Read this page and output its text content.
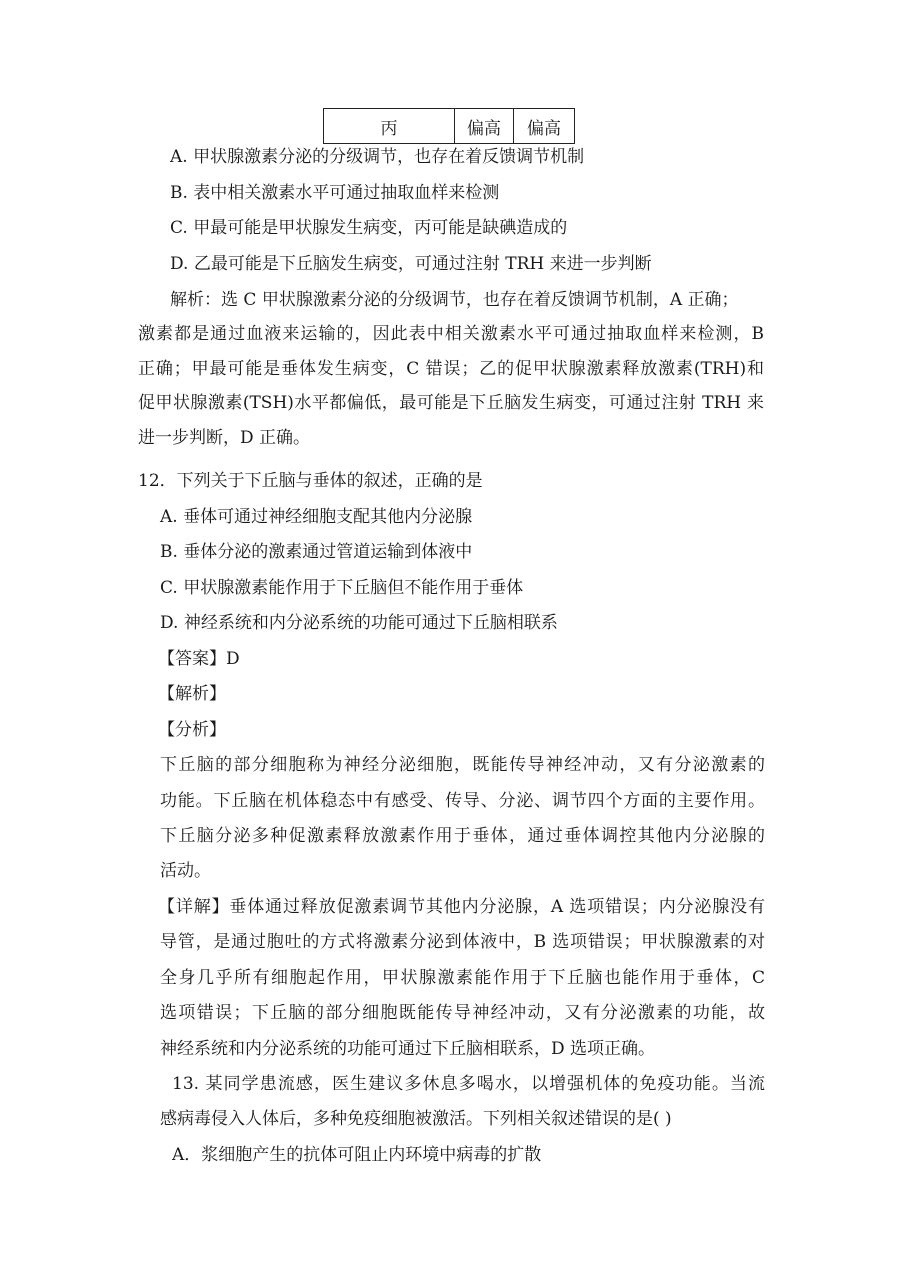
丙	偏高	偏高
A. 甲状腺激素分泌的分级调节，也存在着反馈调节机制
B. 表中相关激素水平可通过抽取血样来检测
C. 甲最可能是甲状腺发生病变，丙可能是缺碘造成的
D. 乙最可能是下丘脑发生病变，可通过注射 TRH 来进一步判断
解析：选 C 甲状腺激素分泌的分级调节，也存在着反馈调节机制，A 正确；
激素都是通过血液来运输的，因此表中相关激素水平可通过抽取血样来检测，B
正确；甲最可能是垂体发生病变，C 错误；乙的促甲状腺激素释放激素(TRH)和
促甲状腺激素(TSH)水平都偏低，最可能是下丘脑发生病变，可通过注射 TRH 来
进一步判断，D 正确。
12．下列关于下丘脑与垂体的叙述，正确的是
A. 垂体可通过神经细胞支配其他内分泌腺
B. 垂体分泌的激素通过管道运输到体液中
C. 甲状腺激素能作用于下丘脑但不能作用于垂体
D. 神经系统和内分泌系统的功能可通过下丘脑相联系
【答案】D
【解析】
【分析】
下丘脑的部分细胞称为神经分泌细胞，既能传导神经冲动，又有分泌激素的
功能。下丘脑在机体稳态中有感受、传导、分泌、调节四个方面的主要作用。
下丘脑分泌多种促激素释放激素作用于垂体，通过垂体调控其他内分泌腺的
活动。
【详解】垂体通过释放促激素调节其他内分泌腺，A 选项错误；内分泌腺没有
导管，是通过胞吐的方式将激素分泌到体液中，B 选项错误；甲状腺激素的对
全身几乎所有细胞起作用，甲状腺激素能作用于下丘脑也能作用于垂体，C
选项错误；下丘脑的部分细胞既能传导神经冲动，又有分泌激素的功能，故
神经系统和内分泌系统的功能可通过下丘脑相联系，D 选项正确。
13. 某同学患流感，医生建议多休息多喝水，以增强机体的免疫功能。当流
感病毒侵入人体后，多种免疫细胞被激活。下列相关叙述错误的是( )
A．浆细胞产生的抗体可阻止内环境中病毒的扩散
